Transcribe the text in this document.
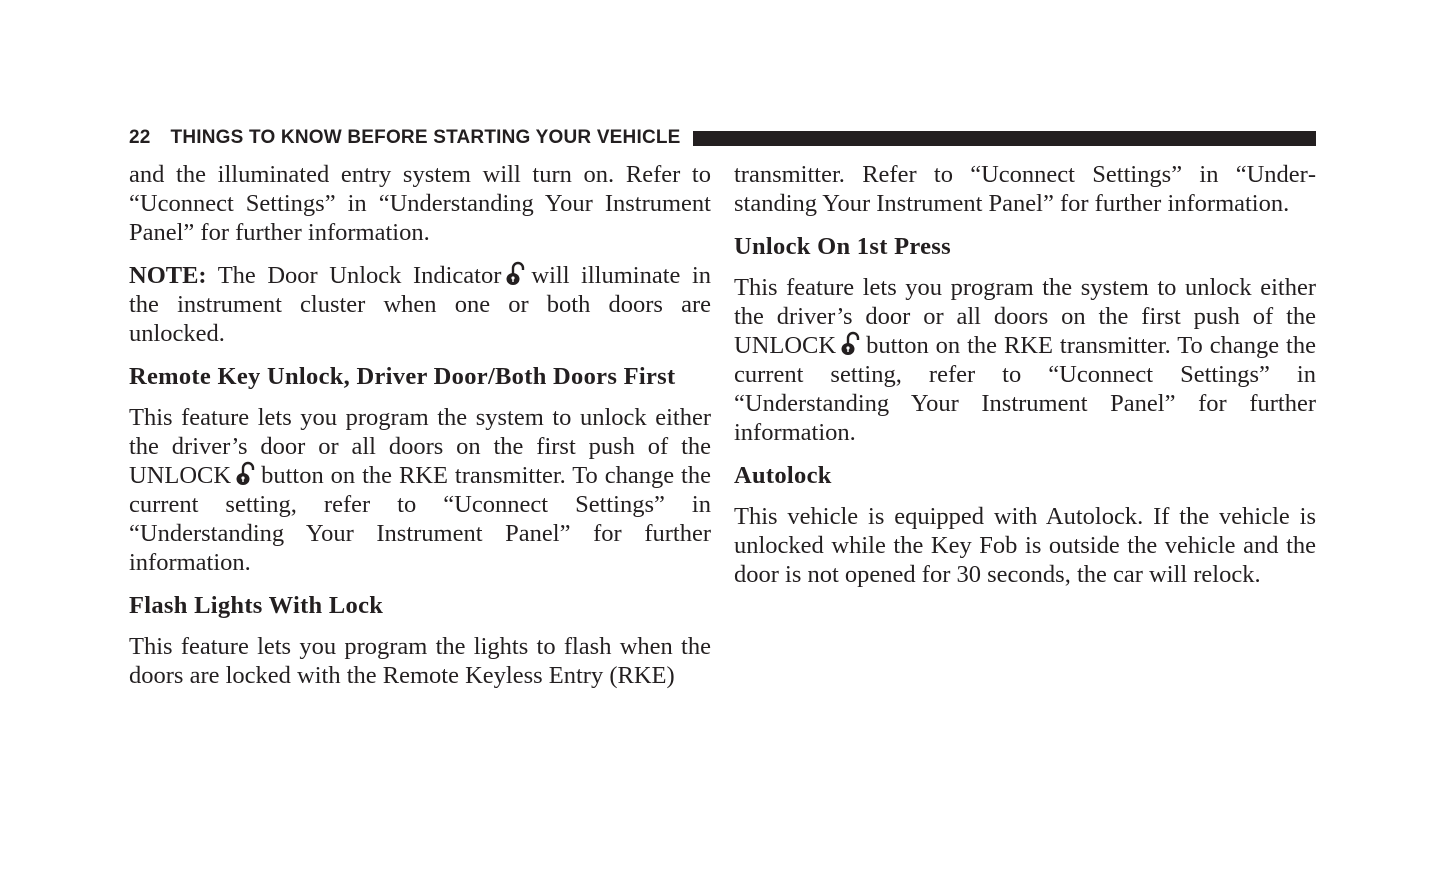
22 THINGS TO KNOW BEFORE STARTING YOUR VEHICLE

and the illuminated entry system will turn on. Refer to “Uconnect Settings” in “Understanding Your Instrument Panel” for further information.

NOTE: The Door Unlock Indicator will illuminate in the instrument cluster when one or both doors are unlocked.

Remote Key Unlock, Driver Door/Both Doors First

This feature lets you program the system to unlock either the driver’s door or all doors on the first push of the UNLOCK button on the RKE transmitter. To change the current setting, refer to “Uconnect Settings” in “Understanding Your Instrument Panel” for further information.

Flash Lights With Lock

This feature lets you program the lights to flash when the doors are locked with the Remote Keyless Entry (RKE)

transmitter. Refer to “Uconnect Settings” in “Understanding Your Instrument Panel” for further information.

Unlock On 1st Press

This feature lets you program the system to unlock either the driver’s door or all doors on the first push of the UNLOCK button on the RKE transmitter. To change the current setting, refer to “Uconnect Settings” in “Understanding Your Instrument Panel” for further information.

Autolock

This vehicle is equipped with Autolock. If the vehicle is unlocked while the Key Fob is outside the vehicle and the door is not opened for 30 seconds, the car will relock.
